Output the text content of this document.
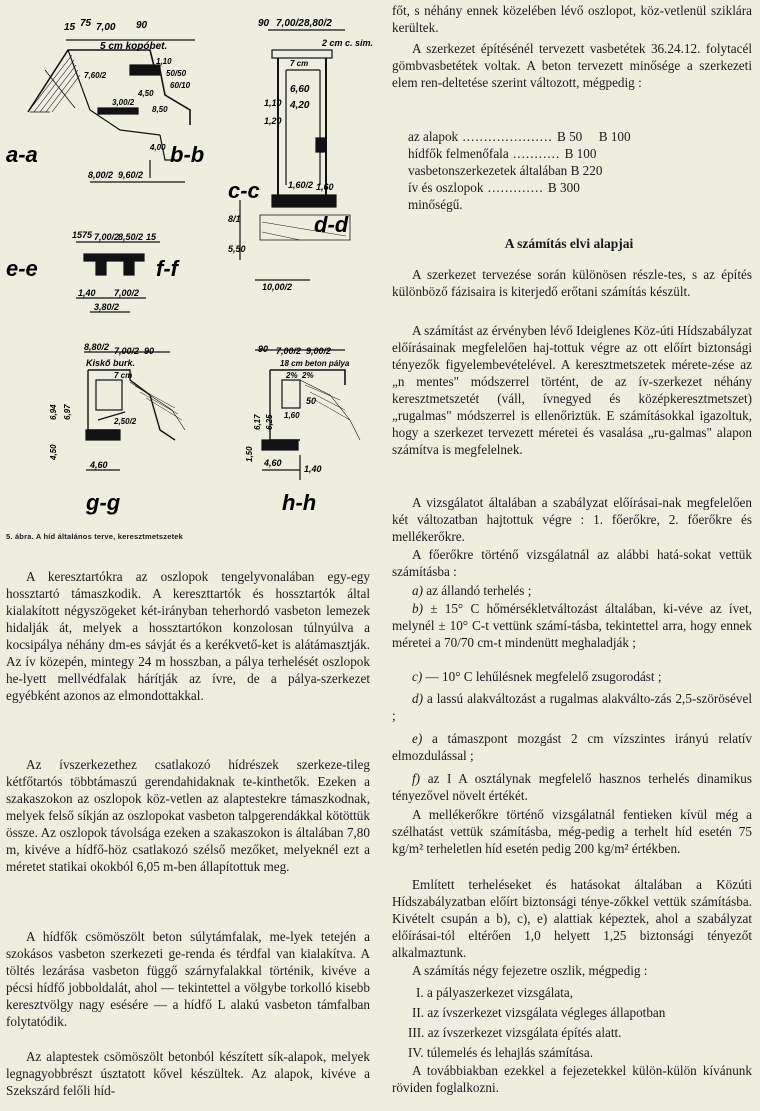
a-a	b-b
c-c
d-d
e-e	f-f
g-g	h-h
15 75 7,00 90
5 cm kopóbet.
7,60/2
3,00/2
4,50
8,50
8,00/2 9,60/2
4,00
1,10
50/50
60/10
90 7,00/2 8,80/2
2 cm c. sim.
7 cm
6,60
4,20
1,10
1,20
1,60/2 1,60
5,50
8/1
10,00/2
15 75 7,00/2
8,50/2 15
1,40 7,00/2
3,80/2
8,80/2 7,00/2 90
Kiskő burk.
7 cm
6,94 6,97
2,50/2
4,50
4,60
90 7,00/2 9,00/2
18 cm beton pálya
2% 2%
50
6,17 6,25 1,60
1,50
4,60
1,40
5. ábra. A híd általános terve, keresztmetszetek
A keresztartókra az oszlopok tengelyvonalában egy-egy hossztartó támaszkodik. A kereszttartók és hossztartók által kialakított négyszögeket két-irányban teherhordó vasbeton lemezek hidalják át, melyek a hossztartókon konzolosan túlnyúlva a kocsipálya néhány dm-es sávját és a kerékvető-ket is alátámasztják. Az ív közepén, mintegy 24 m hosszban, a pálya terhelését oszlopok he-lyett mellvédfalak hárítják az ívre, de a pálya-szerkezet egyébként azonos az elmondottakkal.
Az ívszerkezethez csatlakozó hídrészek szerkeze-tileg kétfőtartós többtámaszú gerendahidaknak te-kinthetők. Ezeken a szakaszokon az oszlopok köz-vetlen az alaptestekre támaszkodnak, melyek felső síkján az oszlopokat vasbeton talpgerendákkal kötöttük össze. Az oszlopok távolsága ezeken a szakaszokon is általában 7,80 m, kivéve a hídfő-höz csatlakozó szélső mezőket, melyeknél ezt a méretet statikai okokból 6,05 m-ben állapítottuk meg.
A hídfők csömöszölt beton súlytámfalak, me-lyek tetején a szokásos vasbeton szerkezeti ge-renda és térdfal van kialakítva. A töltés lezárása vasbeton függő szárnyfalakkal történik, kivéve a pécsi hídfő jobboldalát, ahol — tekintettel a völgybe torkolló kisebb keresztvölgy nagy esésére — a hídfő L alakú vasbeton támfalban folytatódik.
Az alaptestek csömöszölt betonból készített sík-alapok, melyek legnagyobbrészt úsztatott kővel készültek. Az alapok, kivéve a Szekszárd felőli híd-
főt, s néhány ennek közelében lévő oszlopot, köz-vetlenül sziklára kerültek.
A szerkezet építésénél tervezett vasbetétek 36.24.12. folytacél gömbvasbetétek voltak. A beton tervezett minősége a szerkezeti elem ren-deltetése szerint változott, mégpedig :
az alapok ..................... B 50 B 100
hídfők felmenőfala ........... B 100
vasbetonszerkezetek általában B 220
ív és oszlopok ............. B 300
minőségű.
A számítás elvi alapjai
A szerkezet tervezése során különösen részle-tes, s az építés különböző fázisaira is kiterjedő erőtani számítás készült.
A számítást az érvényben lévő Ideiglenes Köz-úti Hídszabályzat előírásainak megfelelően haj-tottuk végre az ott előírt biztonsági tényezők figyelembevételével. A keresztmetszetek mérete-zése az „n mentes" módszerrel történt, de az ív-szerkezet néhány keresztmetszetét (váll, ívnegyed és középkeresztmetszet) „rugalmas" módszerrel is ellenőriztük. E számításokkal igazoltuk, hogy a szerkezet tervezett méretei és vasalása „ru-galmas" alapon számítva is megfelelnek.
A vizsgálatot általában a szabályzat előírásai-nak megfelelően két változatban hajtottuk végre : 1. főerőkre, 2. főerőkre és mellékerőkre.
A főerőkre történő vizsgálatnál az alábbi hatá-sokat vettük számításba :
a) az állandó terhelés ;
b) ± 15° C hőmérsékletváltozást általában, ki-véve az ívet, melynél ± 10° C-t vettünk számí-tásba, tekintettel arra, hogy ennek méretei a 70/70 cm-t mindenütt meghaladják ;
c) — 10° C lehűlésnek megfelelő zsugorodást ;
d) a lassú alakváltozást a rugalmas alakválto-zás 2,5-szörösével ;
e) a támaszpont mozgást 2 cm vízszintes irányú relatív elmozdulással ;
f) az I A osztálynak megfelelő hasznos terhelés dinamikus tényezővel növelt értékét.
A mellékerőkre történő vizsgálatnál fentieken kívül még a szélhatást vettük számításba, még-pedig a terhelt híd esetén 75 kg/m² terheletlen híd esetén pedig 200 kg/m² értékben.
Említett terheléseket és hatásokat általában a Közúti Hídszabályzatban előírt biztonsági ténye-zőkkel vettük számításba. Kivételt csupán a b), c), e) alattiak képeztek, ahol a szabályzat előírásai-tól eltérően 1,0 helyett 1,25 biztonsági tényezőt alkalmaztunk.
A számítás négy fejezetre oszlik, mégpedig :
I. a pályaszerkezet vizsgálata,
II. az ívszerkezet vizsgálata végleges állapotban
III. az ívszerkezet vizsgálata építés alatt.
IV. túlemelés és lehajlás számítása.
A továbbiakban ezekkel a fejezetekkel külön-külön kívánunk röviden foglalkozni.
